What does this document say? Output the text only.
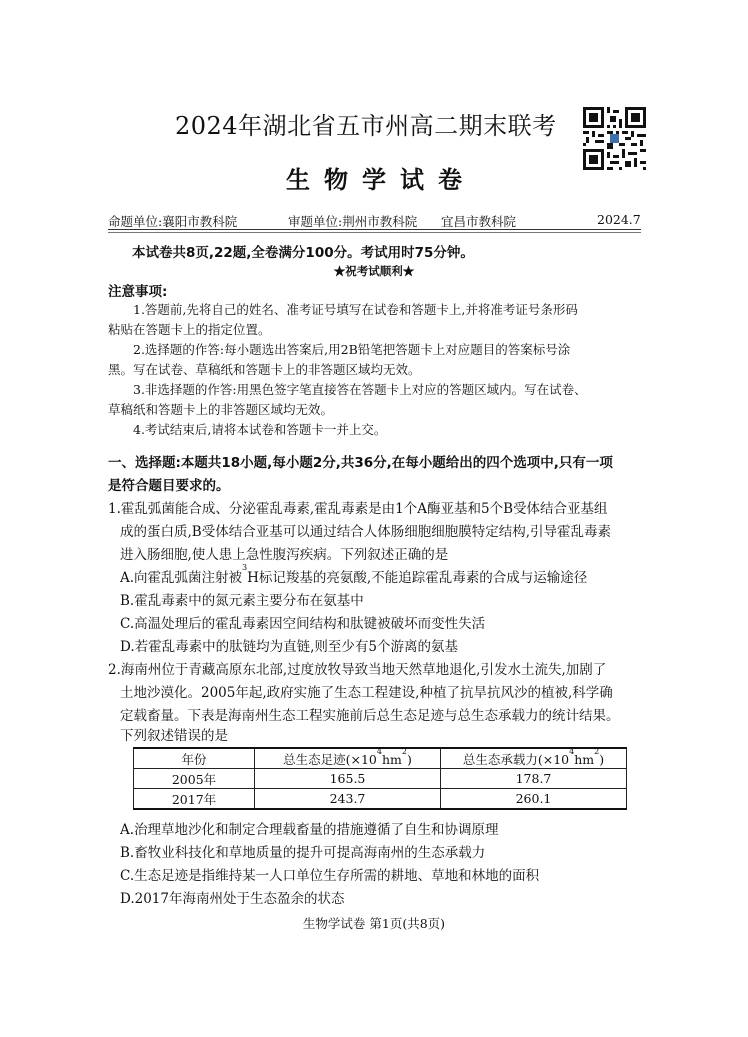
2024年湖北省五市州高二期末联考
生物学试卷
命题单位:襄阳市教科院	审题单位:荆州市教科院 宜昌市教科院	2024.7
本试卷共8页,22题,全卷满分100分。考试用时75分钟。
★祝考试顺利★
注意事项:
1.答题前,先将自己的姓名、准考证号填写在试卷和答题卡上,并将准考证号条形码
粘贴在答题卡上的指定位置。
2.选择题的作答:每小题选出答案后,用2B铅笔把答题卡上对应题目的答案标号涂
黑。写在试卷、草稿纸和答题卡上的非答题区域均无效。
3.非选择题的作答:用黑色签字笔直接答在答题卡上对应的答题区域内。写在试卷、
草稿纸和答题卡上的非答题区域均无效。
4.考试结束后,请将本试卷和答题卡一并上交。
一、选择题:本题共18小题,每小题2分,共36分,在每小题给出的四个选项中,只有一项
是符合题目要求的。
1.霍乱弧菌能合成、分泌霍乱毒素,霍乱毒素是由1个A酶亚基和5个B受体结合亚基组
成的蛋白质,B受体结合亚基可以通过结合人体肠细胞细胞膜特定结构,引导霍乱毒素
进入肠细胞,使人患上急性腹泻疾病。下列叙述正确的是
A.向霍乱弧菌注射被$^3$H标记羧基的亮氨酸,不能追踪霍乱毒素的合成与运输途径
B.霍乱毒素中的氮元素主要分布在氨基中
C.高温处理后的霍乱毒素因空间结构和肽键被破坏而变性失活
D.若霍乱毒素中的肽链均为直链,则至少有5个游离的氨基
2.海南州位于青藏高原东北部,过度放牧导致当地天然草地退化,引发水土流失,加剧了
土地沙漠化。2005年起,政府实施了生态工程建设,种植了抗旱抗风沙的植被,科学确
定载畜量。下表是海南州生态工程实施前后总生态足迹与总生态承载力的统计结果。
下列叙述错误的是
年份	总生态足迹$(\times 10^4hm^2)$	总生态承载力$(\times 10^4hm^2)$
2005年	165.5	178.7
2017年	243.7	260.1
A.治理草地沙化和制定合理载畜量的措施遵循了自生和协调原理
B.畜牧业科技化和草地质量的提升可提高海南州的生态承载力
C.生态足迹是指维持某一人口单位生存所需的耕地、草地和林地的面积
D.2017年海南州处于生态盈余的状态
生物学试卷 第1页(共8页)
